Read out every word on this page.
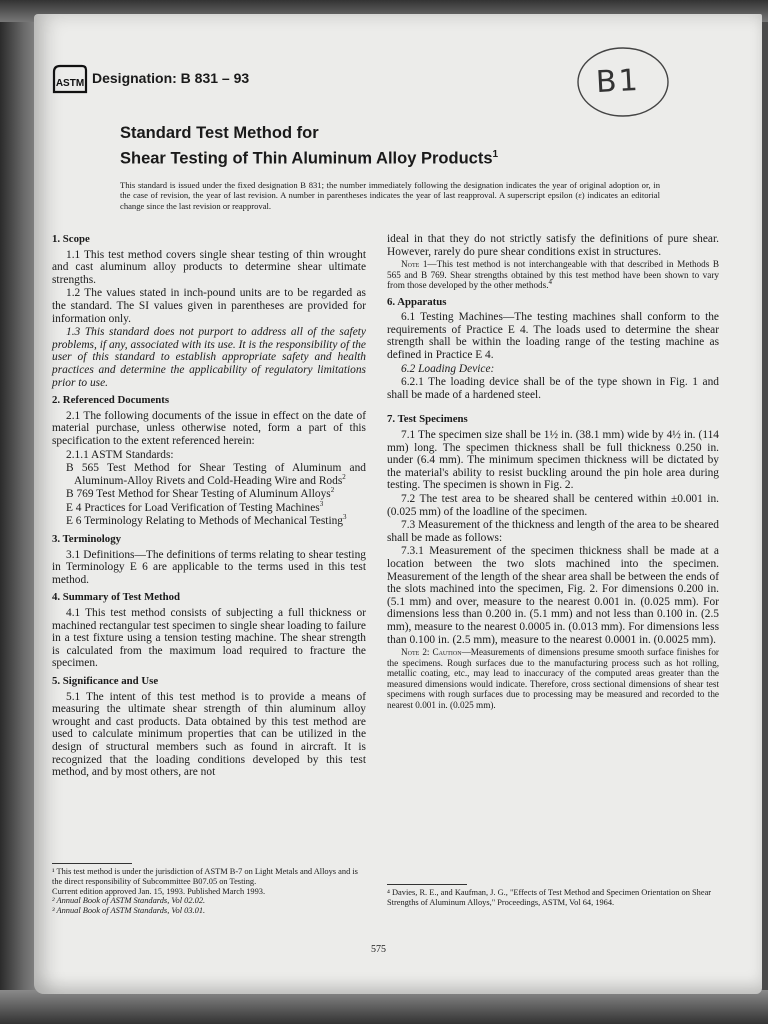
ASTM Designation: B 831 – 93	B1
Standard Test Method for
Shear Testing of Thin Aluminum Alloy Products$^1$
This standard is issued under the fixed designation B 831; the number immediately following the designation indicates the year of original adoption or, in the case of revision, the year of last revision. A number in parentheses indicates the year of last reapproval. A superscript epsilon (ε) indicates an editorial change since the last revision or reapproval.
1. Scope

1.1 This test method covers single shear testing of thin wrought and cast aluminum alloy products to determine shear ultimate strengths.

1.2 The values stated in inch-pound units are to be regarded as the standard. The SI values given in parentheses are provided for information only.

1.3 This standard does not purport to address all of the safety problems, if any, associated with its use. It is the responsibility of the user of this standard to establish appropriate safety and health practices and determine the applicability of regulatory limitations prior to use.

2. Referenced Documents

2.1 The following documents of the issue in effect on the date of material purchase, unless otherwise noted, form a part of this specification to the extent referenced herein:

2.1.1 ASTM Standards:

B 565 Test Method for Shear Testing of Aluminum and Aluminum-Alloy Rivets and Cold-Heading Wire and Rods$^2$

B 769 Test Method for Shear Testing of Aluminum Alloys$^2$

E 4 Practices for Load Verification of Testing Machines$^3$

E 6 Terminology Relating to Methods of Mechanical Testing$^3$

3. Terminology

3.1 Definitions—The definitions of terms relating to shear testing in Terminology E 6 are applicable to the terms used in this test method.

4. Summary of Test Method

4.1 This test method consists of subjecting a full thickness or machined rectangular test specimen to single shear loading to failure in a test fixture using a tension testing machine. The shear strength is calculated from the maximum load required to fracture the specimen.

5. Significance and Use

5.1 The intent of this test method is to provide a means of measuring the ultimate shear strength of thin aluminum alloy wrought and cast products. Data obtained by this test method are used to calculate minimum properties that can be utilized in the design of structural members such as found in aircraft. It is recognized that the loading conditions developed by this test method, and by most others, are not

¹ This test method is under the jurisdiction of ASTM B-7 on Light Metals and Alloys and is the direct responsibility of Subcommittee B07.05 on Testing.
Current edition approved Jan. 15, 1993. Published March 1993.
² Annual Book of ASTM Standards, Vol 02.02.
³ Annual Book of ASTM Standards, Vol 03.01.

ideal in that they do not strictly satisfy the definitions of pure shear. However, rarely do pure shear conditions exist in structures.

Note 1—This test method is not interchangeable with that described in Methods B 565 and B 769. Shear strengths obtained by this test method have been shown to vary from those developed by the other methods.$^4$

6. Apparatus

6.1 Testing Machines—The testing machines shall conform to the requirements of Practice E 4. The loads used to determine the shear strength shall be within the loading range of the testing machine as defined in Practice E 4.

6.2 Loading Device:

6.2.1 The loading device shall be of the type shown in Fig. 1 and shall be made of a hardened steel.

7. Test Specimens

7.1 The specimen size shall be 1½ in. (38.1 mm) wide by 4½ in. (114 mm) long. The specimen thickness shall be full thickness 0.250 in. under (6.4 mm). The minimum specimen thickness will be dictated by the material's ability to resist buckling around the pin hole area during testing. The specimen is shown in Fig. 2.

7.2 The test area to be sheared shall be centered within ±0.001 in. (0.025 mm) of the loadline of the specimen.

7.3 Measurement of the thickness and length of the area to be sheared shall be made as follows:

7.3.1 Measurement of the specimen thickness shall be made at a location between the two slots machined into the specimen. Measurement of the length of the shear area shall be between the ends of the slots machined into the specimen, Fig. 2. For dimensions 0.200 in. (5.1 mm) and over, measure to the nearest 0.001 in. (0.025 mm). For dimensions less than 0.200 in. (5.1 mm) and not less than 0.100 in. (2.5 mm), measure to the nearest 0.0005 in. (0.013 mm). For dimensions less than 0.100 in. (2.5 mm), measure to the nearest 0.0001 in. (0.0025 mm).

Note 2: Caution—Measurements of dimensions presume smooth surface finishes for the specimens. Rough surfaces due to the manufacturing process such as hot rolling, metallic coating, etc., may lead to inaccuracy of the computed areas greater than the measured dimensions would indicate. Therefore, cross sectional dimensions of shear test specimens with rough surfaces due to processing may be measured and recorded to the nearest 0.001 in. (0.025 mm).

⁴ Davies, R. E., and Kaufman, J. G., "Effects of Test Method and Specimen Orientation on Shear Strengths of Aluminum Alloys," Proceedings, ASTM, Vol 64, 1964.
575
